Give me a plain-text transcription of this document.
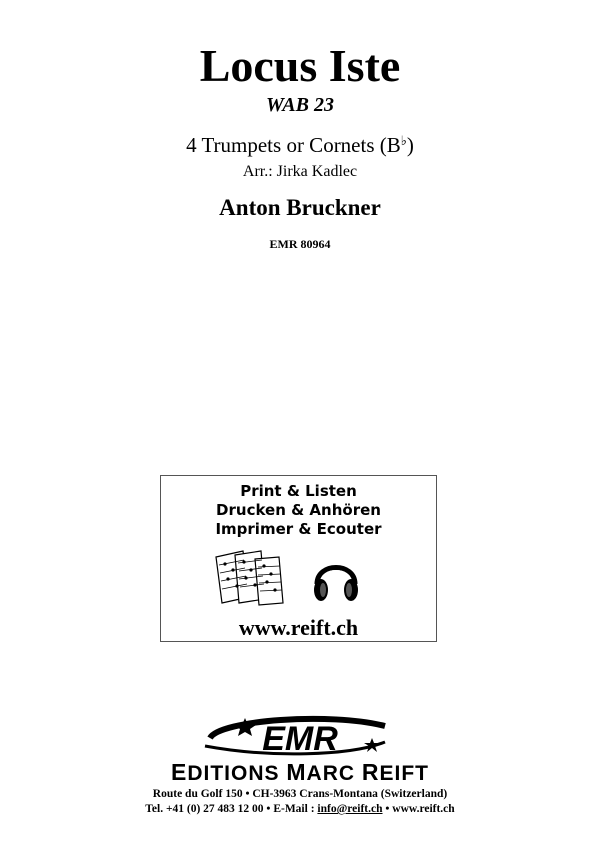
Locus Iste
WAB 23
4 Trumpets or Cornets (B♭)
Arr.: Jirka Kadlec
Anton Bruckner
EMR 80964
Print & Listen
Drucken & Anhören
Imprimer & Ecouter
www.reift.ch
EMR
EDITIONS MARC REIFT
Route du Golf 150 • CH-3963 Crans-Montana (Switzerland)
Tel. +41 (0) 27 483 12 00 • E-Mail : info@reift.ch • www.reift.ch
